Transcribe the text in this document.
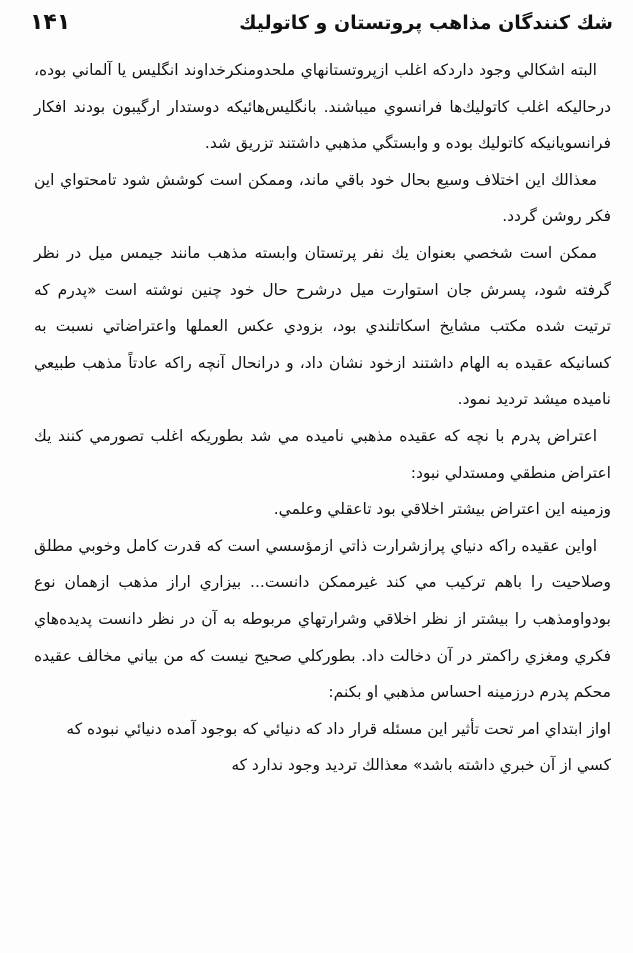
شك كنندگان مذاهب پروتستان و كاتوليك
۱۴۱

البته اشكالي وجود داردكه اغلب ازپروتستانهاي ملحدومنكرخداوند انگليس يا آلماني بوده، درحاليكه اغلب كاتوليك‌ها فرانسوي ميباشند. بانگليس‌هائيكه دوستدار ارگيبون بودند افكار فرانسويانيكه كاتوليك بوده و وابستگي مذهبي داشتند تزريق شد.

معذالك اين اختلاف وسيع بحال خود باقي ماند، وممكن است كوشش شود تامحتواي اين فكر روشن گردد.

ممكن است شخصي بعنوان يك نفر پرتستان وابسته مذهب مانند جيمس ميل در نظر گرفته شود، پسرش جان استوارت ميل درشرح حال خود چنين نوشته است «پدرم كه ترتيت شده مكتب مشايخ اسكاتلندي بود، بزودي عكس العملها واعتراضاتي نسبت به كسانيكه عقيده به الهام داشتند ازخود نشان داد، و درانحال آنچه راكه عادتاً مذهب طبيعي ناميده ميشد ترديد نمود.

اعتراض پدرم با نچه كه عقيده مذهبي ناميده مي شد بطوريكه اغلب تصورمي كنند يك اعتراض منطقي ومستدلي نبود:

وزمينه اين اعتراض بيشتر اخلاقي بود تاعقلي وعلمي.

اواين عقيده راكه دنياي پرازشرارت ذاتي ازمؤسسي است كه قدرت كامل وخوبي مطلق وصلاحيت را باهم تركيب مي كند غيرممكن دانست... بيزاري اراز مذهب ازهمان نوع بودواومذهب را بيشتر از نظر اخلاقي وشرارتهاي مربوطه به آن در نظر دانست پديده‌هاي فكري ومغزي راكمتر در آن دخالت داد. بطوركلي صحيح نيست كه من بياني مخالف عقيده محكم پدرم درزمينه احساس مذهبي او بكنم:

اواز ابتداي امر تحت تأثير اين مسئله قرار داد كه دنيائي كه بوجود آمده دنيائي نبوده كه كسي از آن خبري داشته باشد» معذالك ترديد وجود ندارد كه
